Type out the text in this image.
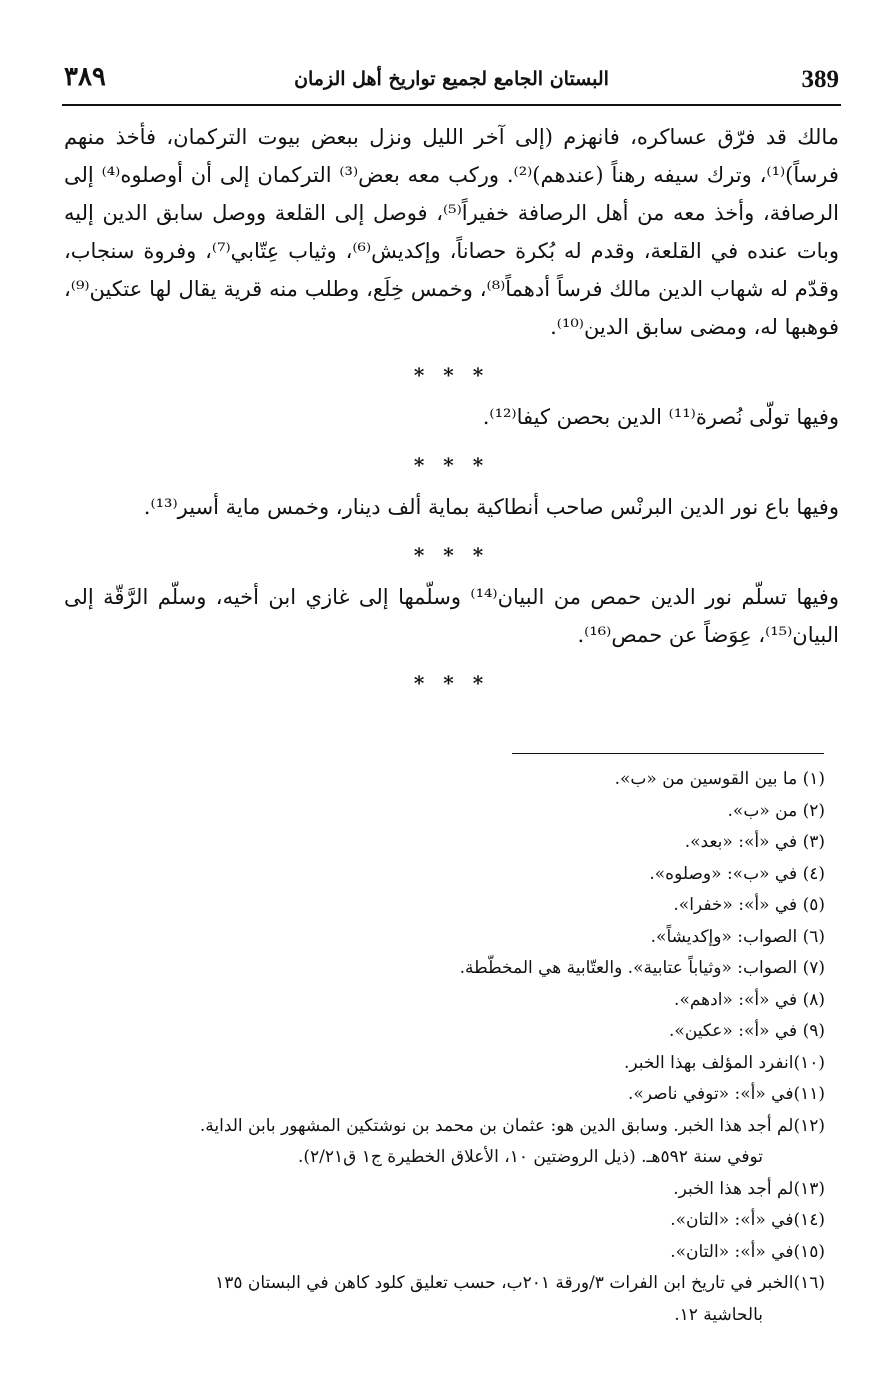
٣٨٩	البستان الجامع لجميع تواريخ أهل الزمان	389

مالك قد فرّق عساكره، فانهزم (إلى آخر الليل ونزل ببعض بيوت التركمان، فأخذ منهم فرساً)⁽¹⁾، وترك سيفه رهناً (عندهم)⁽²⁾. وركب معه بعض⁽³⁾ التركمان إلى أن أوصلوه⁽⁴⁾ إلى الرصافة، وأخذ معه من أهل الرصافة خفيراً⁽⁵⁾، فوصل إلى القلعة ووصل سابق الدين إليه وبات عنده في القلعة، وقدم له بُكرة حصاناً، وإكديش⁽⁶⁾، وثياب عِتّابي⁽⁷⁾، وفروة سنجاب، وقدّم له شهاب الدين مالك فرساً أدهماً⁽⁸⁾، وخمس خِلَع، وطلب منه قرية يقال لها عتكين⁽⁹⁾، فوهبها له، ومضى سابق الدين⁽¹⁰⁾.

* * *

وفيها تولّى نُصرة⁽¹¹⁾ الدين بحصن كيفا⁽¹²⁾.

* * *

وفيها باع نور الدين البرنْس صاحب أنطاكية بماية ألف دينار، وخمس ماية أسير⁽¹³⁾.

* * *

وفيها تسلّم نور الدين حمص من البيان⁽¹⁴⁾ وسلّمها إلى غازي ابن أخيه، وسلّم الرَّقّة إلى البيان⁽¹⁵⁾، عِوَضاً عن حمص⁽¹⁶⁾.

* * *

(١) ما بين القوسين من «ب».

(٢) من «ب».

(٣) في «أ»: «بعد».

(٤) في «ب»: «وصلوه».

(٥) في «أ»: «خفرا».

(٦) الصواب: «وإكديشاً».

(٧) الصواب: «وثياباً عتابية». والعتّابية هي المخطّطة.

(٨) في «أ»: «ادهم».

(٩) في «أ»: «عكين».

(١٠)انفرد المؤلف بهذا الخبر.

(١١)في «أ»: «توفي ناصر».

(١٢)لم أجد هذا الخبر. وسابق الدين هو: عثمان بن محمد بن نوشتكين المشهور بابن الداية.

توفي سنة ٥٩٢هـ. (ذيل الروضتين ١٠، الأعلاق الخطيرة ج١ ق٢/٢١).

(١٣)لم أجد هذا الخبر.

(١٤)في «أ»: «التان».

(١٥)في «أ»: «التان».

(١٦)الخبر في تاريخ ابن الفرات ٣/ورقة ٢٠١ب، حسب تعليق كلود كاهن في البستان ١٣٥

بالحاشية ١٢.
